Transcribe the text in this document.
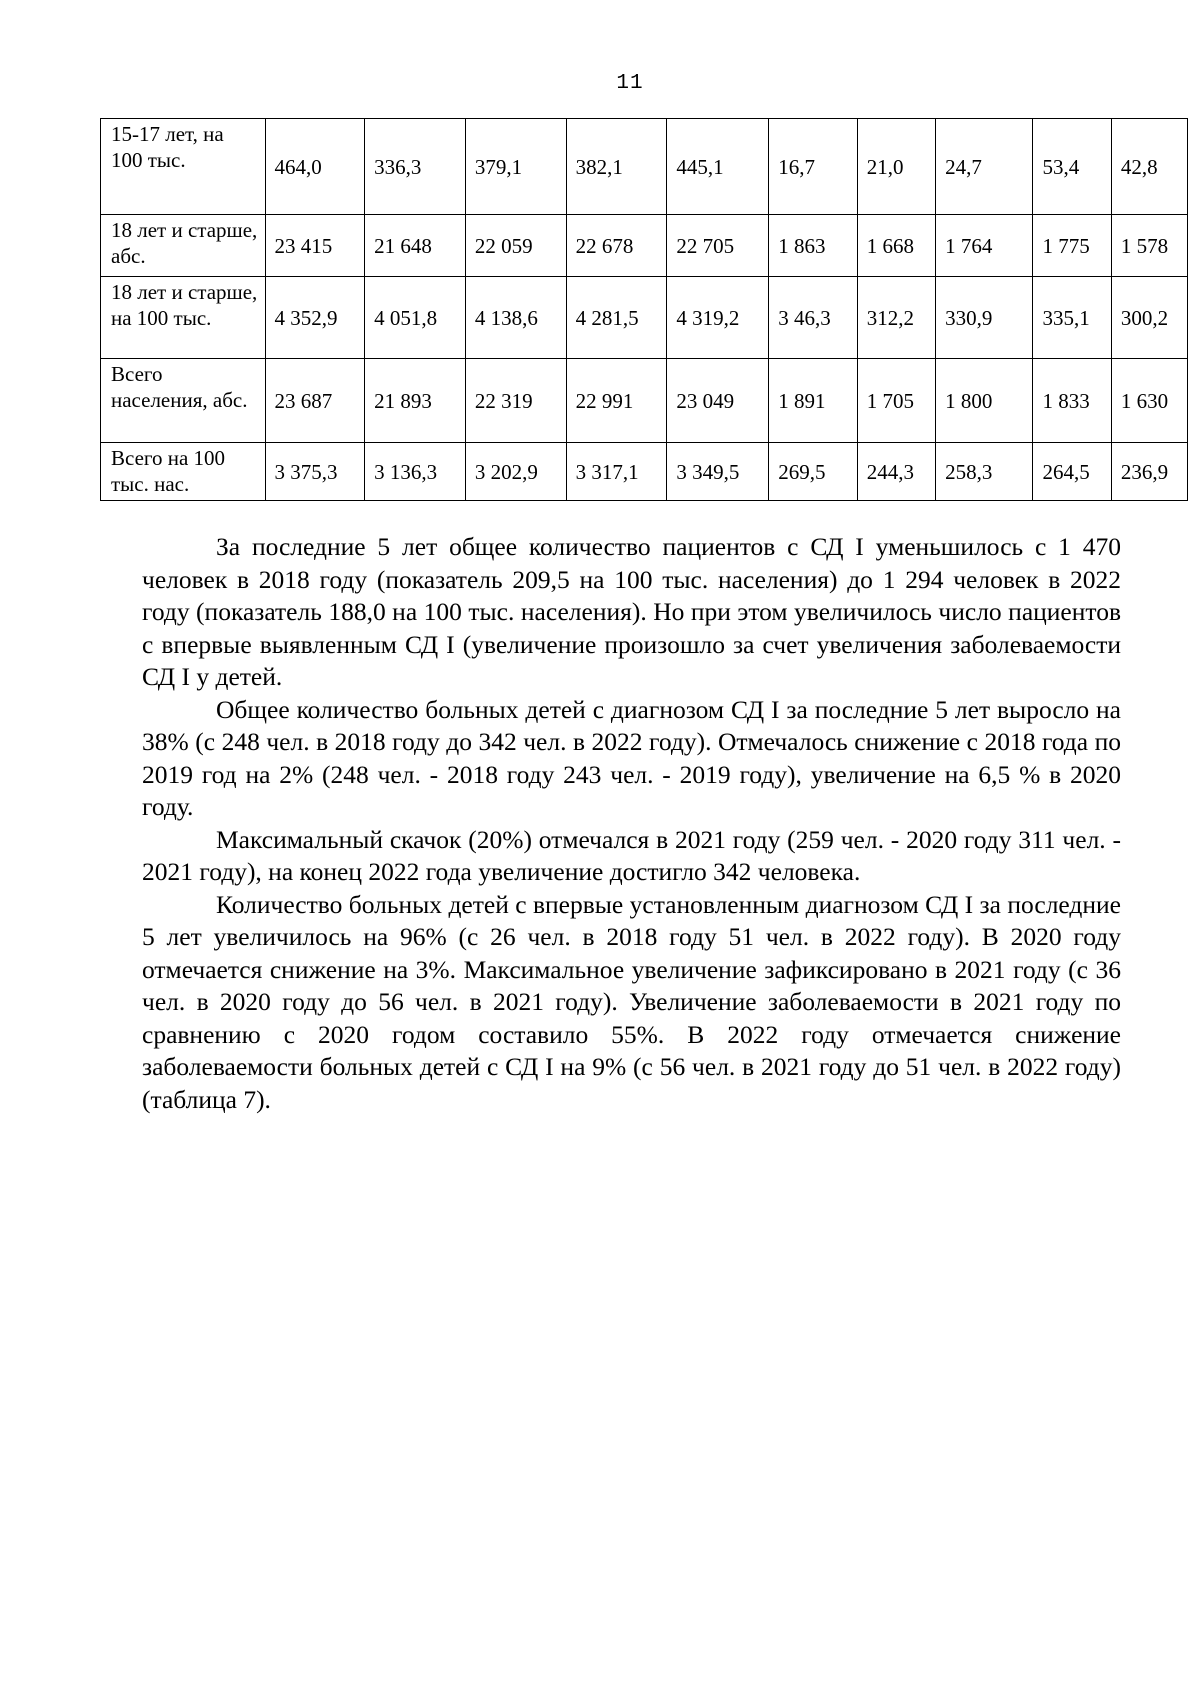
11
15-17 лет, на 100 тыс.	464,0	336,3	379,1	382,1	445,1	16,7	21,0	24,7	53,4	42,8
18 лет и старше, абс.	23 415	21 648	22 059	22 678	22 705	1 863	1 668	1 764	1 775	1 578
18 лет и старше, на 100 тыс.	4 352,9	4 051,8	4 138,6	4 281,5	4 319,2	3 46,3	312,2	330,9	335,1	300,2
Всего населения, абс.	23 687	21 893	22 319	22 991	23 049	1 891	1 705	1 800	1 833	1 630
Всего на 100 тыс. нас.	3 375,3	3 136,3	3 202,9	3 317,1	3 349,5	269,5	244,3	258,3	264,5	236,9

За последние 5 лет общее количество пациентов с СД I уменьшилось с 1 470 человек в 2018 году (показатель 209,5 на 100 тыс. населения) до 1 294 человек в 2022 году (показатель 188,0 на 100 тыс. населения). Но при этом увеличилось число пациентов с впервые выявленным СД I (увеличение произошло за счет увеличения заболеваемости СД I у детей.

Общее количество больных детей с диагнозом СД I за последние 5 лет выросло на 38% (с 248 чел. в 2018 году до 342 чел. в 2022 году). Отмечалось снижение с 2018 года по 2019 год на 2% (248 чел. - 2018 году 243 чел. - 2019 году), увеличение на 6,5 % в 2020 году.

Максимальный скачок (20%) отмечался в 2021 году (259 чел. - 2020 году 311 чел. - 2021 году), на конец 2022 года увеличение достигло 342 человека.

Количество больных детей с впервые установленным диагнозом СД I за последние 5 лет увеличилось на 96% (с 26 чел. в 2018 году 51 чел. в 2022 году). В 2020 году отмечается снижение на 3%. Максимальное увеличение зафиксировано в 2021 году (с 36 чел. в 2020 году до 56 чел. в 2021 году). Увеличение заболеваемости в 2021 году по сравнению с 2020 годом составило 55%. В 2022 году отмечается снижение заболеваемости больных детей с СД I на 9% (с 56 чел. в 2021 году до 51 чел. в 2022 году) (таблица 7).
